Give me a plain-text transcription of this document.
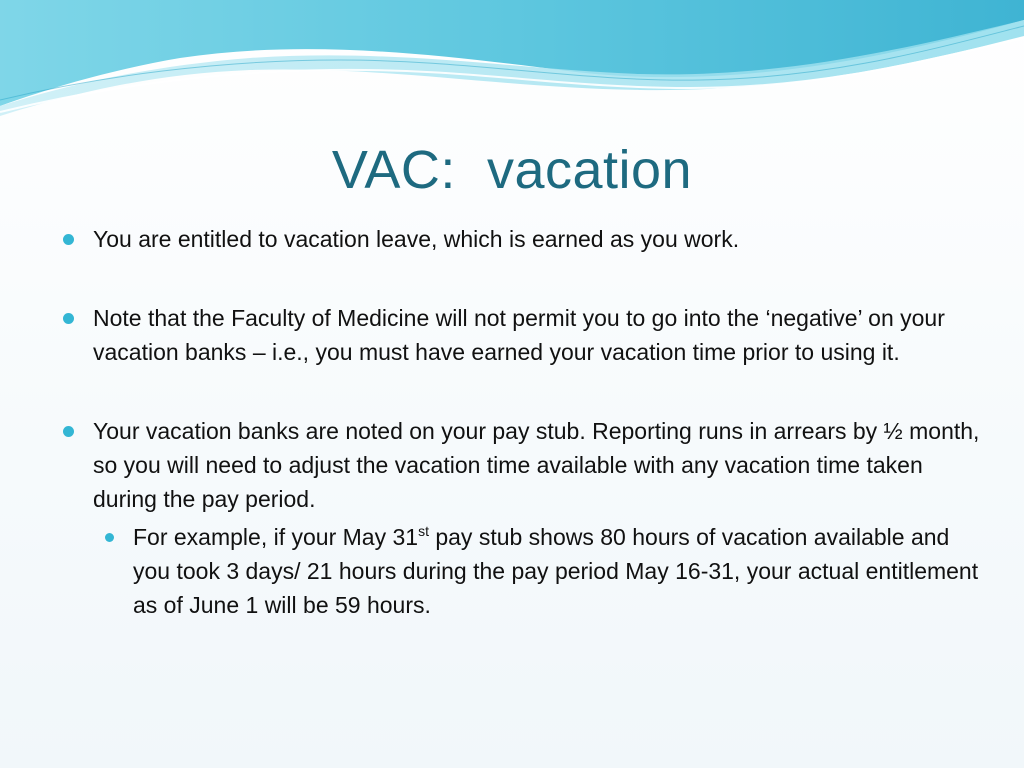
VAC:  vacation
You are entitled to vacation leave, which is earned as you work.
Note that the Faculty of Medicine will not permit you to go into the ‘negative’ on your vacation banks – i.e., you must have earned your vacation time prior to using it.
Your vacation banks are noted on your pay stub. Reporting runs in arrears by ½ month, so you will need to adjust the vacation time available with any vacation time taken during the pay period.
For example, if your May 31st pay stub shows 80 hours of vacation available and you took 3 days/ 21 hours during the pay period May 16-31, your actual entitlement as of June 1 will be 59 hours.
